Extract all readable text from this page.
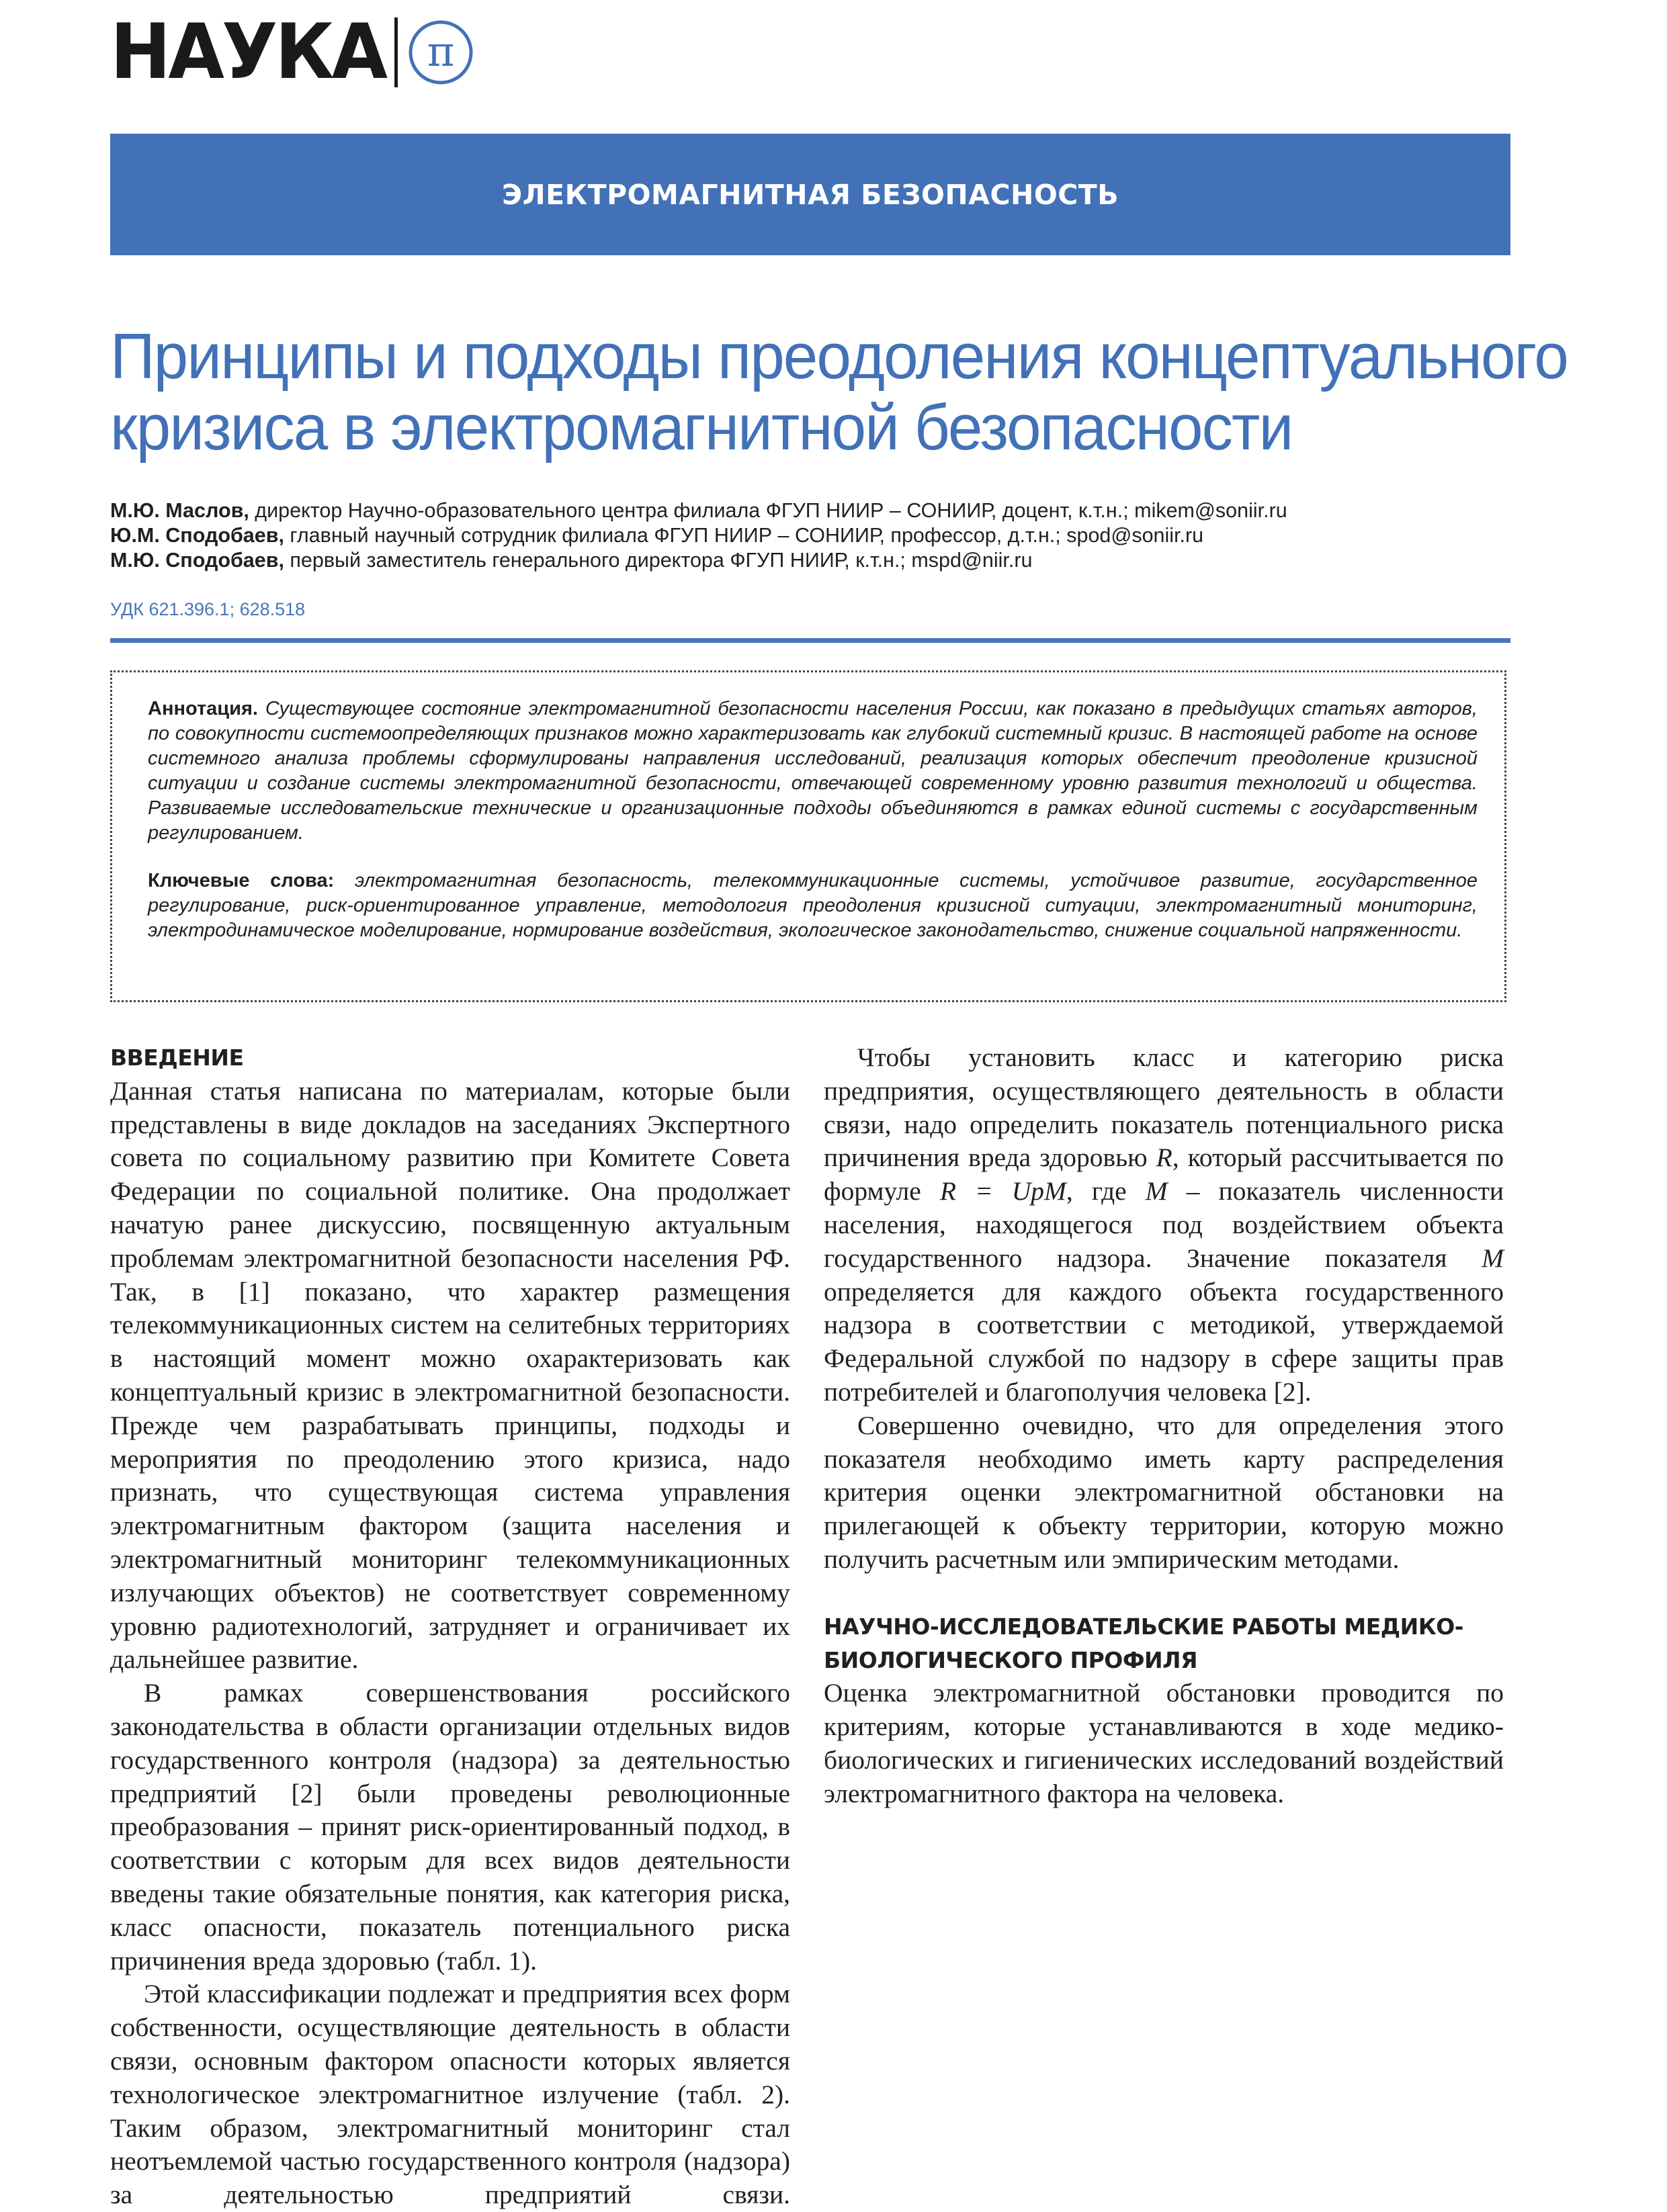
НАУКА π
ЭЛЕКТРОМАГНИТНАЯ БЕЗОПАСНОСТЬ
Принципы и подходы преодоления концептуального
кризиса в электромагнитной безопасности
М.Ю. Маслов, директор Научно-образовательного центра филиала ФГУП НИИР – СОНИИР, доцент, к.т.н.; mikem@soniir.ru
Ю.М. Сподобаев, главный научный сотрудник филиала ФГУП НИИР – СОНИИР, профессор, д.т.н.; spod@soniir.ru
М.Ю. Сподобаев, первый заместитель генерального директора ФГУП НИИР, к.т.н.; mspd@niir.ru
УДК 621.396.1; 628.518

Аннотация. Существующее состояние электромагнитной безопасности населения России, как показано в предыдущих статьях авторов, по совокупности системоопределяющих признаков можно характеризовать как глубокий системный кризис. В настоящей работе на основе системного анализа проблемы сформулированы направления исследований, реализация которых обеспечит преодоление кризисной ситуации и создание системы электромагнитной безопасности, отвечающей современному уровню развития технологий и общества. Развиваемые исследовательские технические и организационные подходы объединяются в рамках единой системы с государственным регулированием.

Ключевые слова: электромагнитная безопасность, телекоммуникационные системы, устойчивое развитие, государственное регулирование, риск-ориентированное управление, методология преодоления кризисной ситуации, электромагнитный мониторинг, электродинамическое моделирование, нормирование воздействия, экологическое законодательство, снижение социальной напряженности.

ВВЕДЕНИЕ

Данная статья написана по материалам, которые были представлены в виде докладов на заседаниях Экспертного совета по социальному развитию при Комитете Совета Федерации по социальной политике. Она продолжает начатую ранее дискуссию, посвященную актуальным проблемам электромагнитной безопасности населения РФ. Так, в [1] показано, что характер размещения телекоммуникационных систем на селитебных территориях в настоящий момент можно охарактеризовать как концептуальный кризис в электромагнитной безопасности. Прежде чем разрабатывать принципы, подходы и мероприятия по преодолению этого кризиса, надо признать, что существующая система управления электромагнитным фактором (защита населения и электромагнитный мониторинг телекоммуникационных излучающих объектов) не соответствует современному уровню радиотехнологий, затрудняет и ограничивает их дальнейшее развитие.

В рамках совершенствования российского законодательства в области организации отдельных видов государственного контроля (надзора) за деятельностью предприятий [2] были проведены революционные преобразования – принят риск-ориентированный подход, в соответствии с которым для всех видов деятельности введены такие обязательные понятия, как категория риска, класс опасности, показатель потенциального риска причинения вреда здоровью (табл. 1).

Этой классификации подлежат и предприятия всех форм собственности, осуществляющие деятельность в области связи, основным фактором опасности которых является технологическое электромагнитное излучение (табл. 2). Таким образом, электромагнитный мониторинг стал неотъемлемой частью государственного контроля (надзора) за деятельностью предприятий связи.

Чтобы установить класс и категорию риска предприятия, осуществляющего деятельность в области связи, надо определить показатель потенциального риска причинения вреда здоровью R, который рассчитывается по формуле R = UpM, где M – показатель численности населения, находящегося под воздействием объекта государственного надзора. Значение показателя M определяется для каждого объекта государственного надзора в соответствии с методикой, утверждаемой Федеральной службой по надзору в сфере защиты прав потребителей и благополучия человека [2].

Совершенно очевидно, что для определения этого показателя необходимо иметь карту распределения критерия оценки электромагнитной обстановки на прилегающей к объекту территории, которую можно получить расчетным или эмпирическим методами.

НАУЧНО-ИССЛЕДОВАТЕЛЬСКИЕ РАБОТЫ МЕДИКО-БИОЛОГИЧЕСКОГО ПРОФИЛЯ

Оценка электромагнитной обстановки проводится по критериям, которые устанавливаются в ходе медико-биологических и гигиенических исследований воздействий электромагнитного фактора на человека.
